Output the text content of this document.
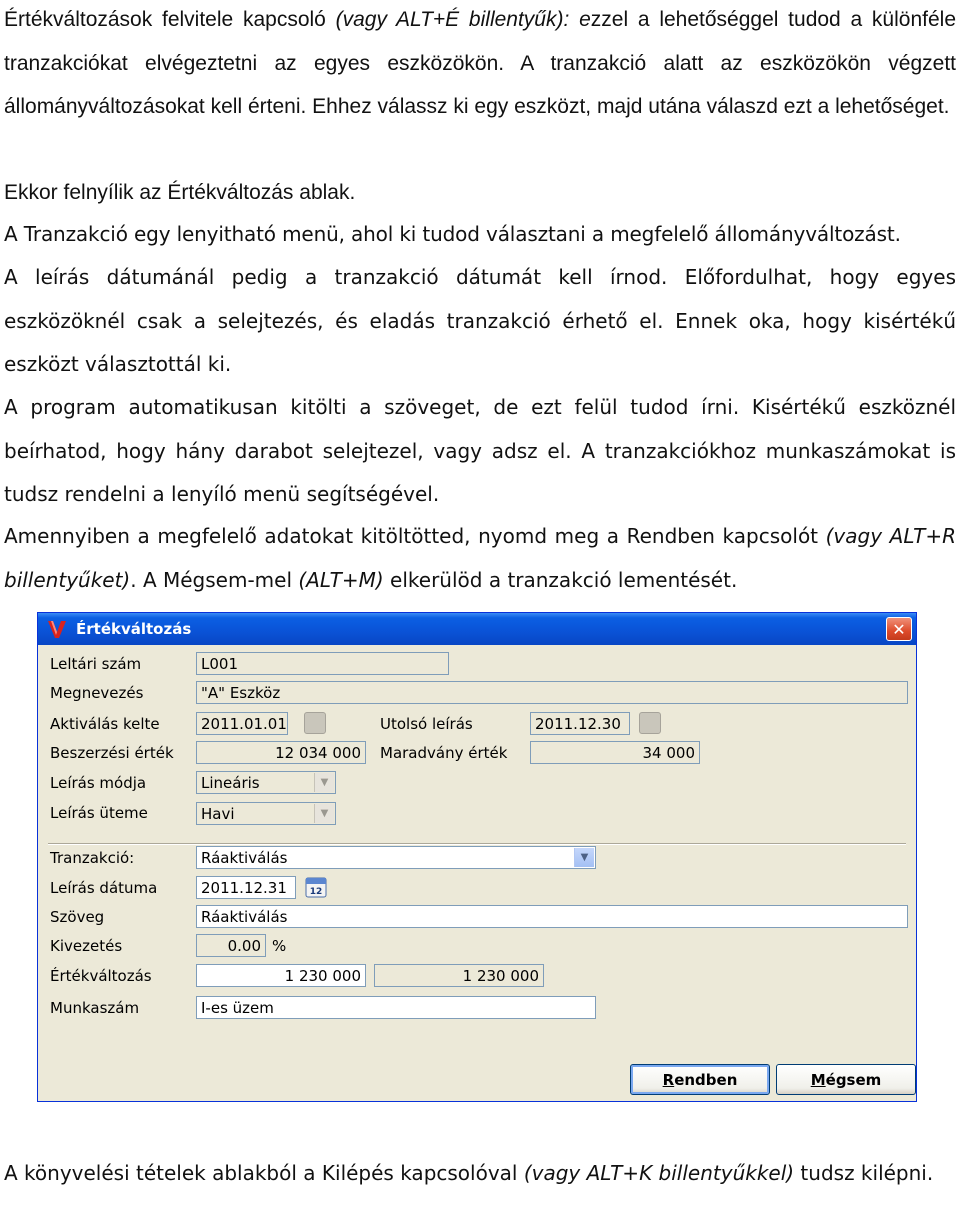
Értékváltozások felvitele kapcsoló (vagy ALT+É billentyűk): ezzel a lehetőséggel tudod a különféle tranzakciókat elvégeztetni az egyes eszközökön. A tranzakció alatt az eszközökön végzett állományváltozásokat kell érteni. Ehhez válassz ki egy eszközt, majd utána válaszd ezt a lehetőséget.

Ekkor felnyílik az Értékváltozás ablak.

A Tranzakció egy lenyitható menü, ahol ki tudod választani a megfelelő állományváltozást.

A leírás dátumánál pedig a tranzakció dátumát kell írnod. Előfordulhat, hogy egyes eszközöknél csak a selejtezés, és eladás tranzakció érhető el. Ennek oka, hogy kisértékű eszközt választottál ki.

A program automatikusan kitölti a szöveget, de ezt felül tudod írni. Kisértékű eszköznél beírhatod, hogy hány darabot selejtezel, vagy adsz el. A tranzakciókhoz munkaszámokat is tudsz rendelni a lenyíló menü segítségével.

Amennyiben a megfelelő adatokat kitöltötted, nyomd meg a Rendben kapcsolót (vagy ALT+R billentyűket). A Mégsem-mel (ALT+M) elkerülöd a tranzakció lementését.

A könyvelési tételek ablakból a Kilépés kapcsolóval (vagy ALT+K billentyűkkel) tudsz kilépni.

Értékváltozás	✕
Leltári szám	L001
Megnevezés	"A" Eszköz
Aktiválás kelte	2011.01.01	Utolsó leírás	2011.12.30
Beszerzési érték	12 034 000	Maradvány érték	34 000
Leírás módja	Lineáris	▼
Leírás üteme	Havi	▼
Tranzakció:	Ráaktiválás	▼
Leírás dátuma	2011.12.31	12
Szöveg	Ráaktiválás
Kivezetés	0.00 %
Értékváltozás	1 230 000	1 230 000
Munkaszám	I-es üzem
R endben	M égsem
